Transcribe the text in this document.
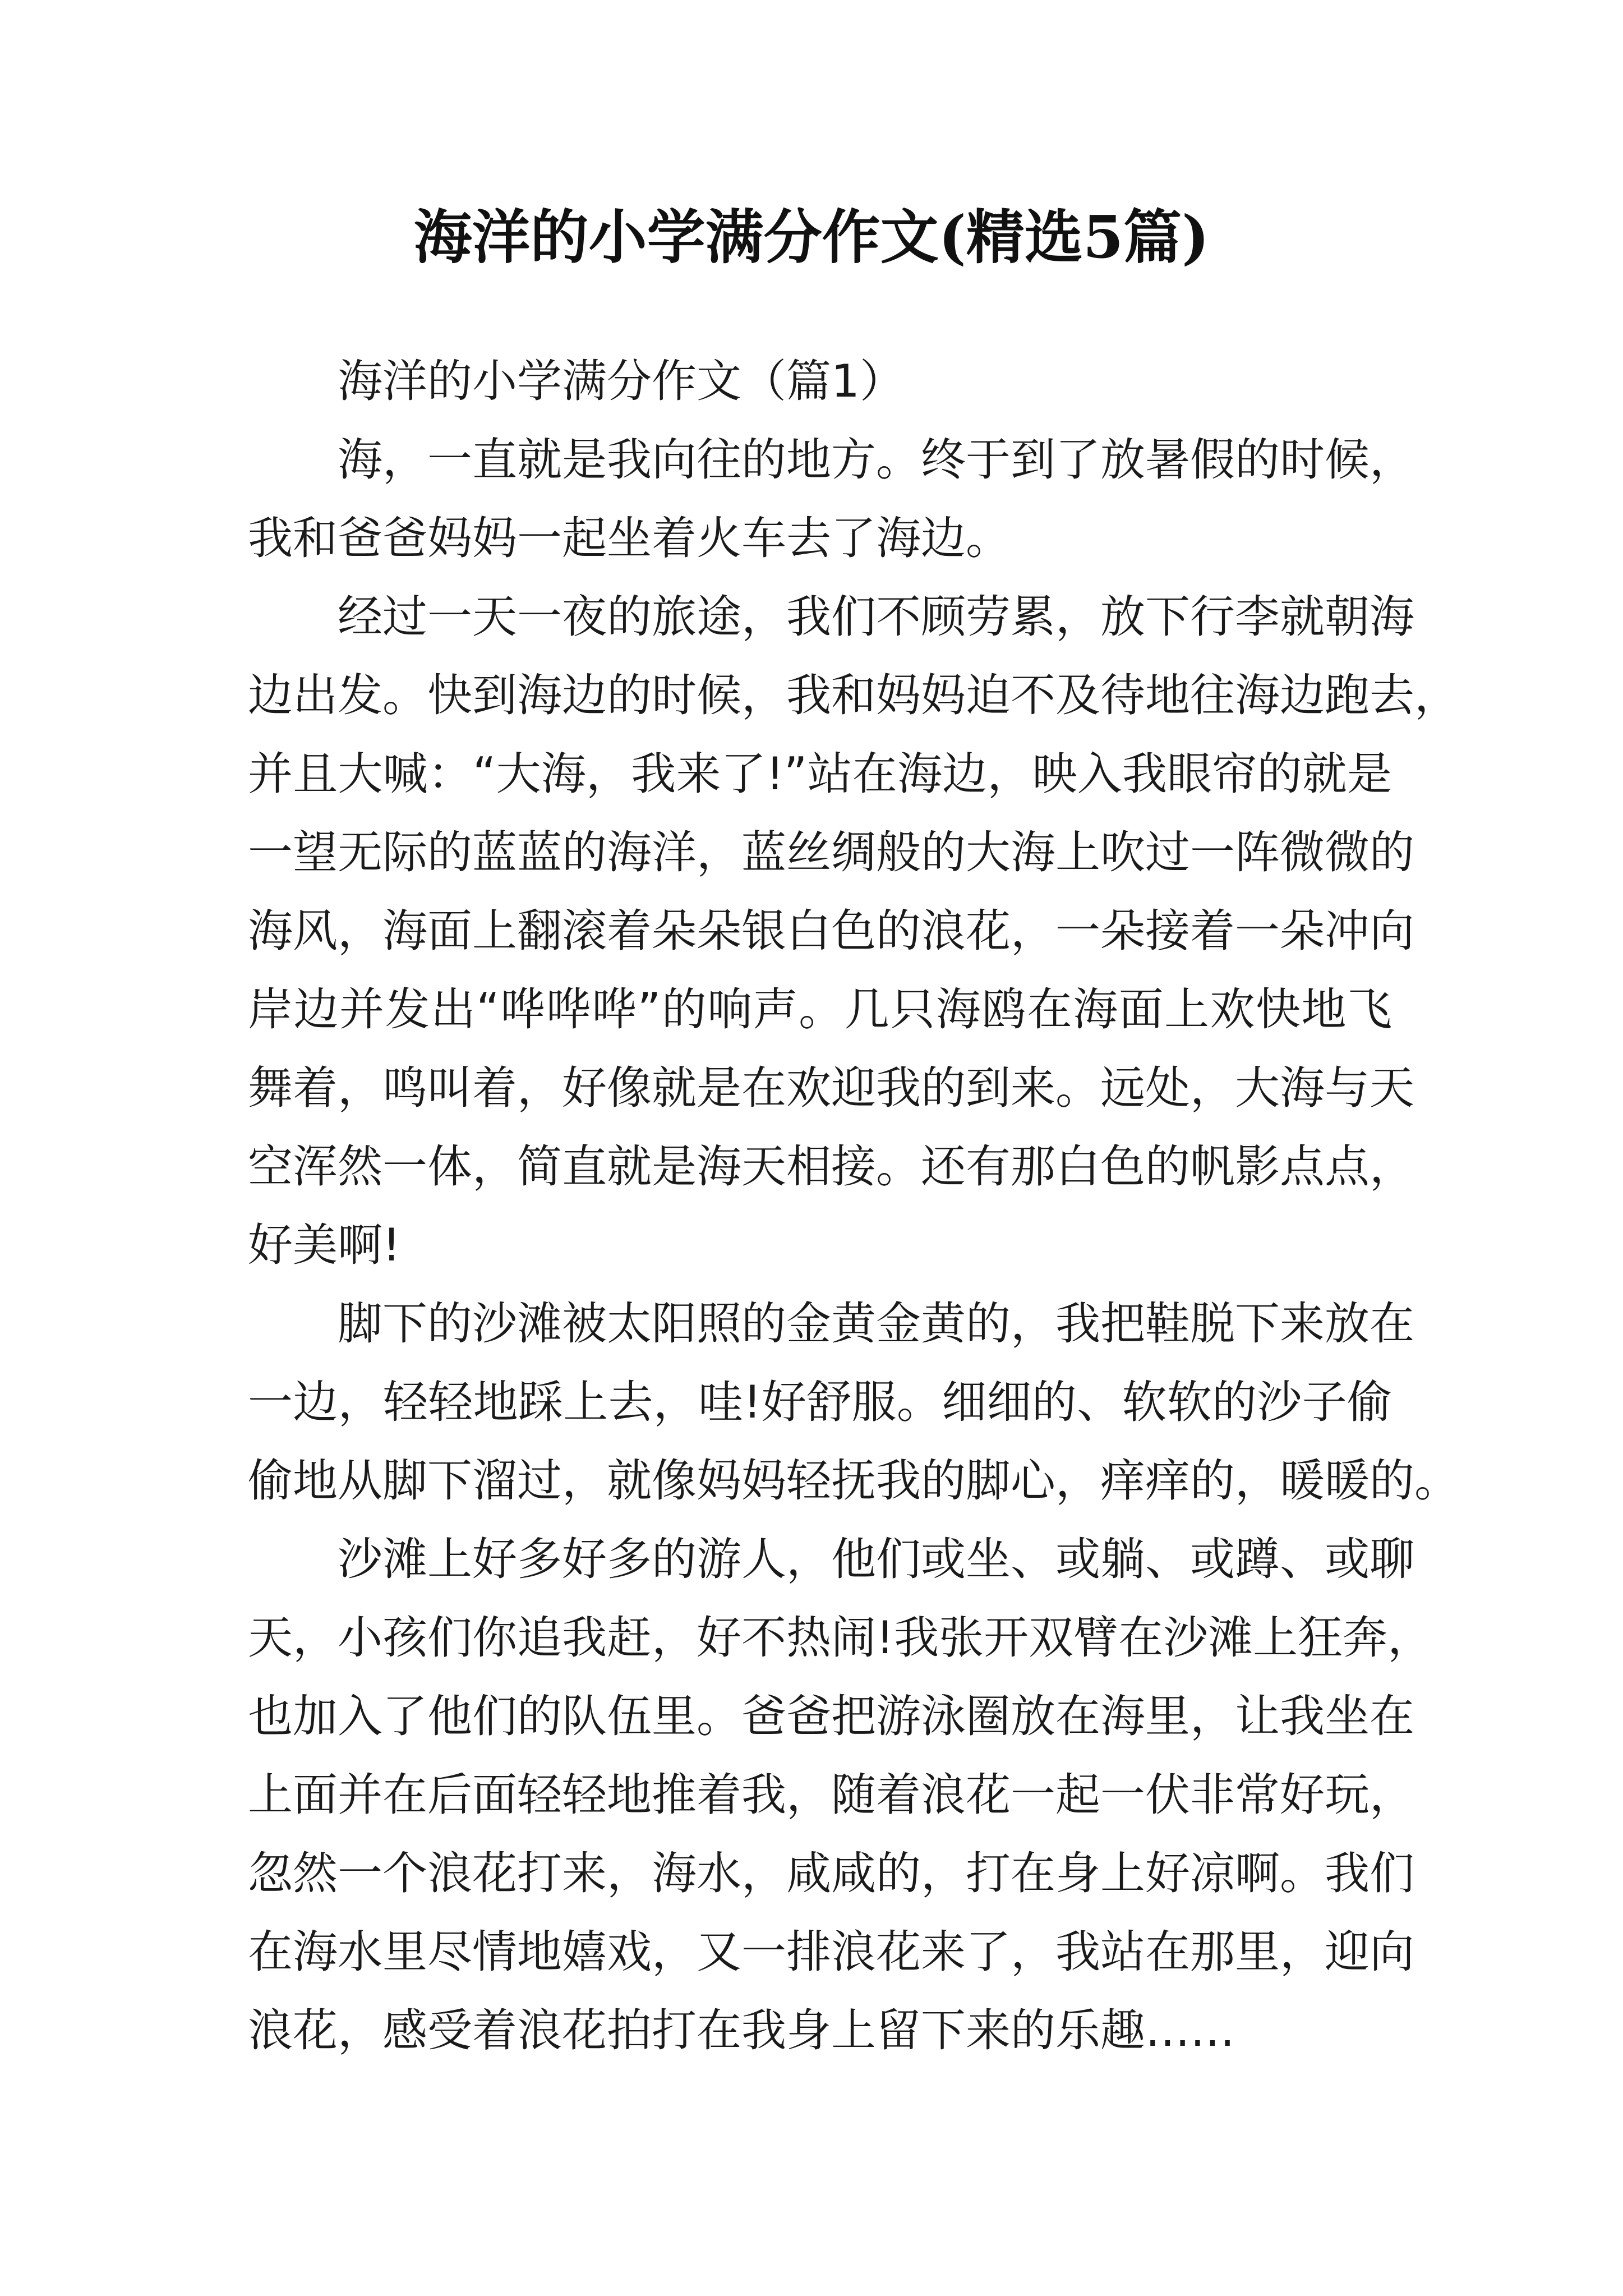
海洋的小学满分作文(精选5篇)
海洋的小学满分作文（篇1）
海，一直就是我向往的地方。终于到了放暑假的时候，
我和爸爸妈妈一起坐着火车去了海边。
经过一天一夜的旅途，我们不顾劳累，放下行李就朝海
边出发。快到海边的时候，我和妈妈迫不及待地往海边跑去，
并且大喊：“大海，我来了!”站在海边，映入我眼帘的就是
一望无际的蓝蓝的海洋，蓝丝绸般的大海上吹过一阵微微的
海风，海面上翻滚着朵朵银白色的浪花，一朵接着一朵冲向
岸边并发出“哗哗哗”的响声。几只海鸥在海面上欢快地飞
舞着，鸣叫着，好像就是在欢迎我的到来。远处，大海与天
空浑然一体，简直就是海天相接。还有那白色的帆影点点，
好美啊!
脚下的沙滩被太阳照的金黄金黄的，我把鞋脱下来放在
一边，轻轻地踩上去，哇!好舒服。细细的、软软的沙子偷
偷地从脚下溜过，就像妈妈轻抚我的脚心，痒痒的，暖暖的。
沙滩上好多好多的游人，他们或坐、或躺、或蹲、或聊
天，小孩们你追我赶，好不热闹!我张开双臂在沙滩上狂奔，
也加入了他们的队伍里。爸爸把游泳圈放在海里，让我坐在
上面并在后面轻轻地推着我，随着浪花一起一伏非常好玩，
忽然一个浪花打来，海水，咸咸的，打在身上好凉啊。我们
在海水里尽情地嬉戏，又一排浪花来了，我站在那里，迎向
浪花，感受着浪花拍打在我身上留下来的乐趣……
